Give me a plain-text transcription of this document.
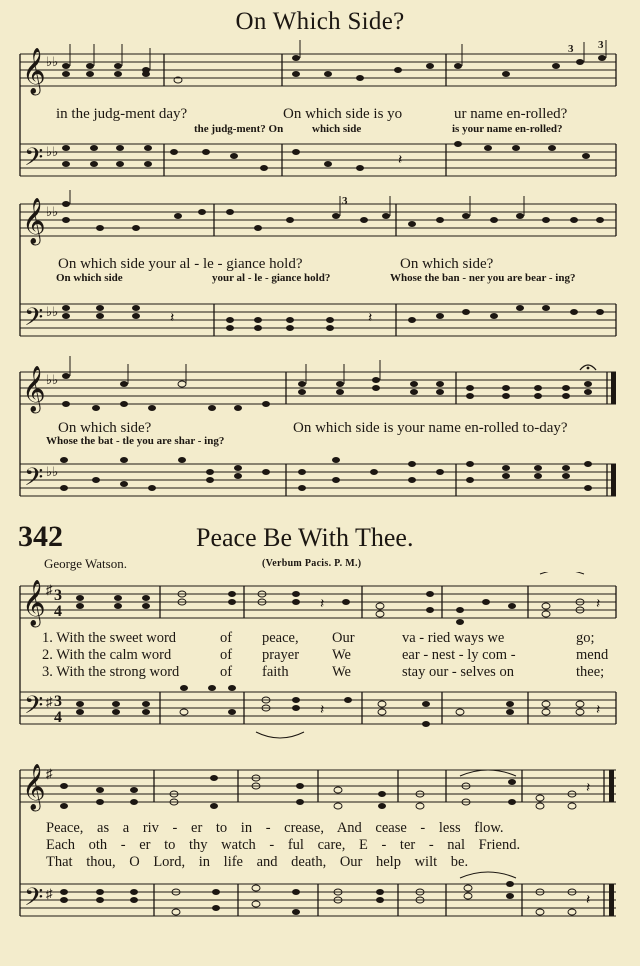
On Which Side?
𝄞
𝄢
♭♭
♭♭
3 3
𝄽
in the judg-ment day?	On which side is yo	ur name en-rolled?
the judg-ment? On	which side	is your name en-rolled?
𝄞
𝄢
♭♭
♭♭
3
𝄽	𝄽
On which side your al - le - giance hold?	On which side?
On which side	your al - le - giance hold?	Whose the ban - ner you are bear - ing?
𝄞
𝄢
♭♭
♭♭
On which side?	On which side is your name en-rolled to-day?
Whose the bat - tle you are shar - ing?
342	Peace Be With Thee.
George Watson.	(Verbum Pacis. P. M.)
𝄞
𝄢
♯
♯
3
4
3
4
𝄽	𝄽
𝄽	𝄽
1. With the sweet word	of peace, Our	va - ried ways we	go;
2. With the calm word	of prayer We	ear - nest - ly com -	mend
3. With the strong word	of faith	We	stay our - selves on	thee;
𝄞
𝄢
♯
♯
𝄽
𝄽
Peace, as a riv - er to in - crease, And cease - less flow.
Each oth - er to thy watch - ful care, E - ter - nal Friend.
That thou, O Lord, in life and death, Our help wilt be.
